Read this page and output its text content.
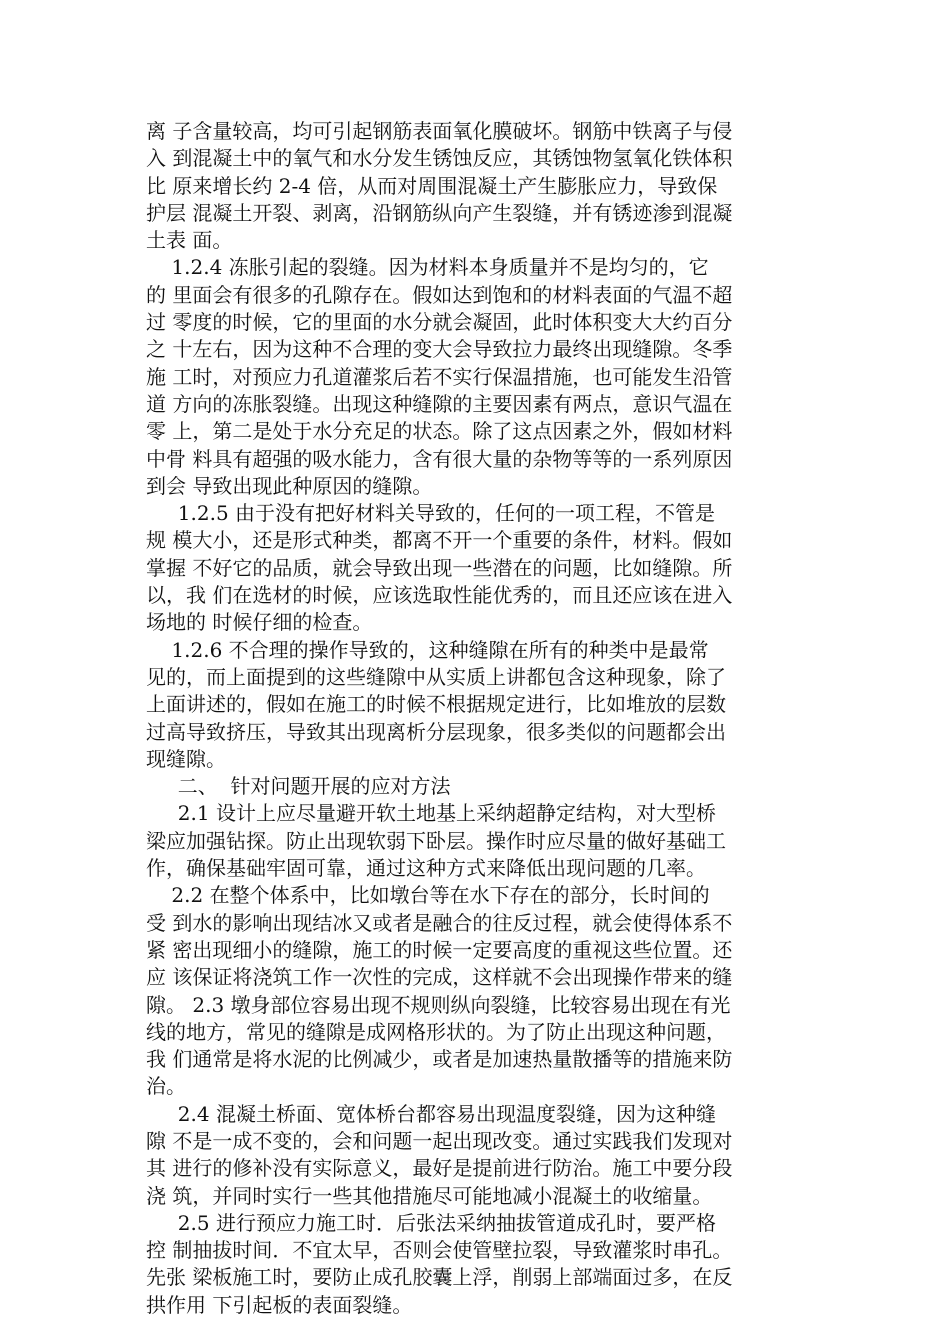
离 子含量较高，均可引起钢筋表面氧化膜破坏。钢筋中铁离子与侵
入 到混凝土中的氧气和水分发生锈蚀反应，其锈蚀物氢氧化铁体积
比 原来增长约 2-4 倍，从而对周围混凝土产生膨胀应力，导致保
护层 混凝土开裂、剥离，沿钢筋纵向产生裂缝，并有锈迹渗到混凝
土表 面。
1.2.4 冻胀引起的裂缝。因为材料本身质量并不是均匀的，它
的 里面会有很多的孔隙存在。假如达到饱和的材料表面的气温不超
过 零度的时候，它的里面的水分就会凝固，此时体积变大大约百分
之 十左右，因为这种不合理的变大会导致拉力最终出现缝隙。冬季
施 工时，对预应力孔道灌浆后若不实行保温措施，也可能发生沿管
道 方向的冻胀裂缝。出现这种缝隙的主要因素有两点，意识气温在
零 上，第二是处于水分充足的状态。除了这点因素之外，假如材料
中骨 料具有超强的吸水能力，含有很大量的杂物等等的一系列原因
到会 导致出现此种原因的缝隙。
1.2.5 由于没有把好材料关导致的，任何的一项工程，不管是
规 模大小，还是形式种类，都离不开一个重要的条件，材料。假如
掌握 不好它的品质，就会导致出现一些潜在的问题，比如缝隙。所
以，我 们在选材的时候，应该选取性能优秀的，而且还应该在进入
场地的 时候仔细的检查。
1.2.6 不合理的操作导致的，这种缝隙在所有的种类中是最常
见的，而上面提到的这些缝隙中从实质上讲都包含这种现象，除了
上面讲述的，假如在施工的时候不根据规定进行，比如堆放的层数
过高导致挤压，导致其出现离析分层现象，很多类似的问题都会出
现缝隙。
二、  针对问题开展的应对方法
2.1 设计上应尽量避开软土地基上采纳超静定结构，对大型桥
梁应加强钻探。防止出现软弱下卧层。操作时应尽量的做好基础工
作，确保基础牢固可靠，通过这种方式来降低出现问题的几率。
2.2 在整个体系中，比如墩台等在水下存在的部分，长时间的
受 到水的影响出现结冰又或者是融合的往反过程，就会使得体系不
紧 密出现细小的缝隙，施工的时候一定要高度的重视这些位置。还
应 该保证将浇筑工作一次性的完成，这样就不会出现操作带来的缝
隙。 2.3 墩身部位容易出现不规则纵向裂缝，比较容易出现在有光
线的地方，常见的缝隙是成网格形状的。为了防止出现这种问题，
我 们通常是将水泥的比例减少，或者是加速热量散播等的措施来防
治。
2.4 混凝土桥面、宽体桥台都容易出现温度裂缝，因为这种缝
隙 不是一成不变的，会和问题一起出现改变。通过实践我们发现对
其 进行的修补没有实际意义，最好是提前进行防治。施工中要分段
浇 筑，并同时实行一些其他措施尽可能地减小混凝土的收缩量。
2.5 进行预应力施工时．后张法采纳抽拔管道成孔时，要严格
控 制抽拔时间．不宜太早，否则会使管壁拉裂，导致灌浆时串孔。
先张 梁板施工时，要防止成孔胶囊上浮，削弱上部端面过多，在反
拱作用 下引起板的表面裂缝。
